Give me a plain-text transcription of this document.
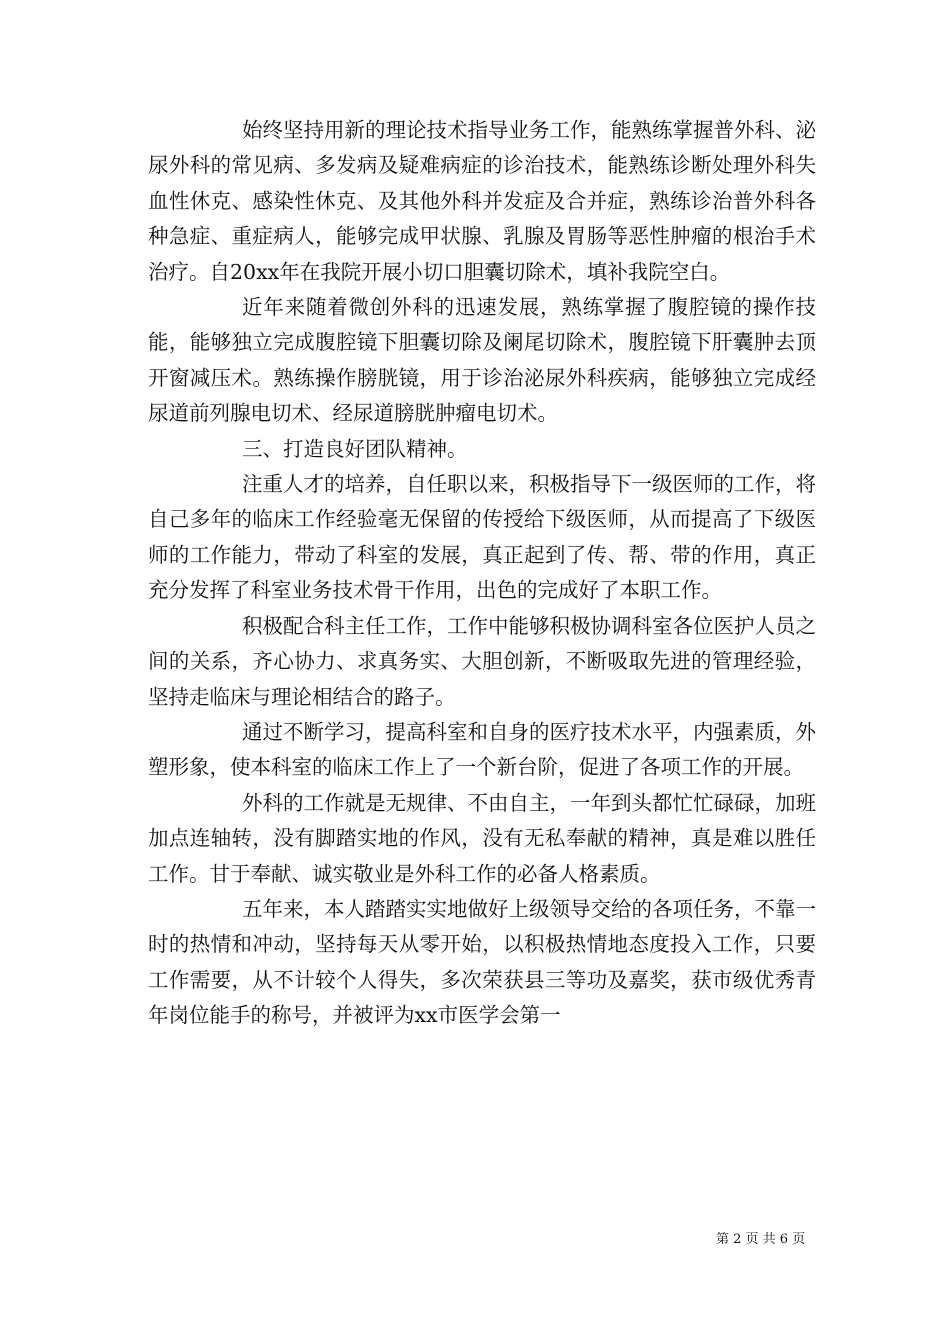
始终坚持用新的理论技术指导业务工作，能熟练掌握普外科、泌尿外科的常见病、多发病及疑难病症的诊治技术，能熟练诊断处理外科失血性休克、感染性休克、及其他外科并发症及合并症，熟练诊治普外科各种急症、重症病人，能够完成甲状腺、乳腺及胃肠等恶性肿瘤的根治手术治疗。自20xx年在我院开展小切口胆囊切除术，填补我院空白。

近年来随着微创外科的迅速发展，熟练掌握了腹腔镜的操作技能，能够独立完成腹腔镜下胆囊切除及阑尾切除术，腹腔镜下肝囊肿去顶开窗减压术。熟练操作膀胱镜，用于诊治泌尿外科疾病，能够独立完成经尿道前列腺电切术、经尿道膀胱肿瘤电切术。

三、打造良好团队精神。

注重人才的培养，自任职以来，积极指导下一级医师的工作，将自己多年的临床工作经验毫无保留的传授给下级医师，从而提高了下级医师的工作能力，带动了科室的发展，真正起到了传、帮、带的作用，真正充分发挥了科室业务技术骨干作用，出色的完成好了本职工作。

积极配合科主任工作，工作中能够积极协调科室各位医护人员之间的关系，齐心协力、求真务实、大胆创新，不断吸取先进的管理经验，坚持走临床与理论相结合的路子。

通过不断学习，提高科室和自身的医疗技术水平，内强素质，外塑形象，使本科室的临床工作上了一个新台阶，促进了各项工作的开展。

外科的工作就是无规律、不由自主，一年到头都忙忙碌碌，加班加点连轴转，没有脚踏实地的作风，没有无私奉献的精神，真是难以胜任工作。甘于奉献、诚实敬业是外科工作的必备人格素质。

五年来，本人踏踏实实地做好上级领导交给的各项任务，不靠一时的热情和冲动，坚持每天从零开始，以积极热情地态度投入工作，只要工作需要，从不计较个人得失，多次荣获县三等功及嘉奖，获市级优秀青年岗位能手的称号，并被评为xx市医学会第一

第 2 页 共 6 页
